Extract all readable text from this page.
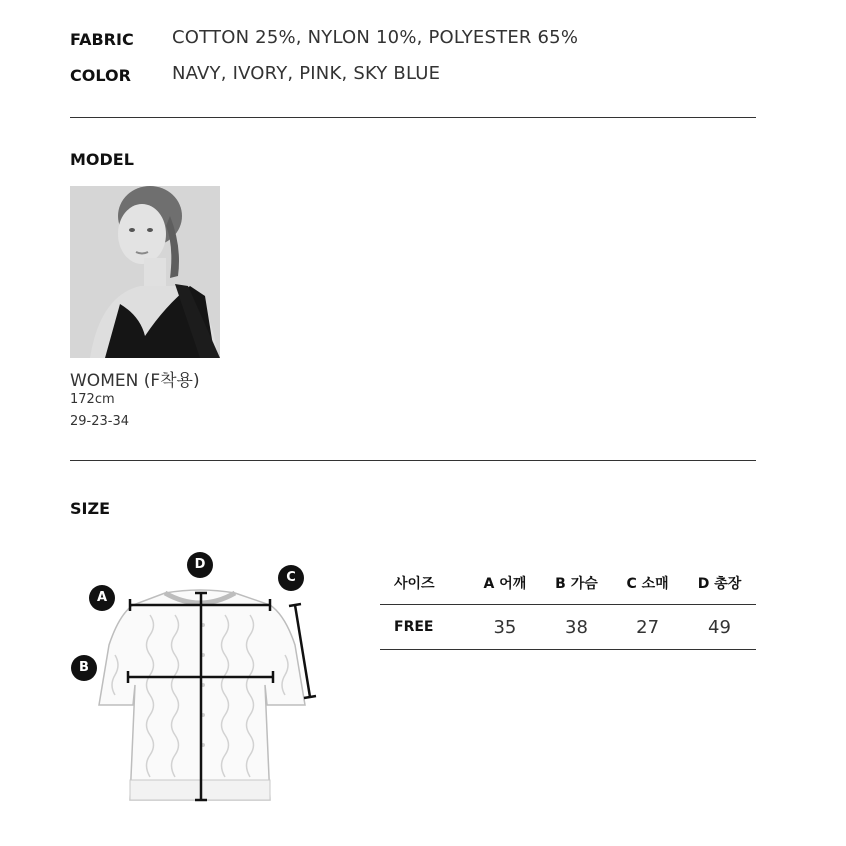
FABRIC COTTON 25%, NYLON 10%, POLYESTER 65%
COLOR NAVY, IVORY, PINK, SKY BLUE
MODEL
WOMEN (F착용)
172cm
29-23-34
SIZE
A
B
C
D
사이즈	A 어깨	B 가슴	C 소매	D 총장
FREE	35	38	27	49
